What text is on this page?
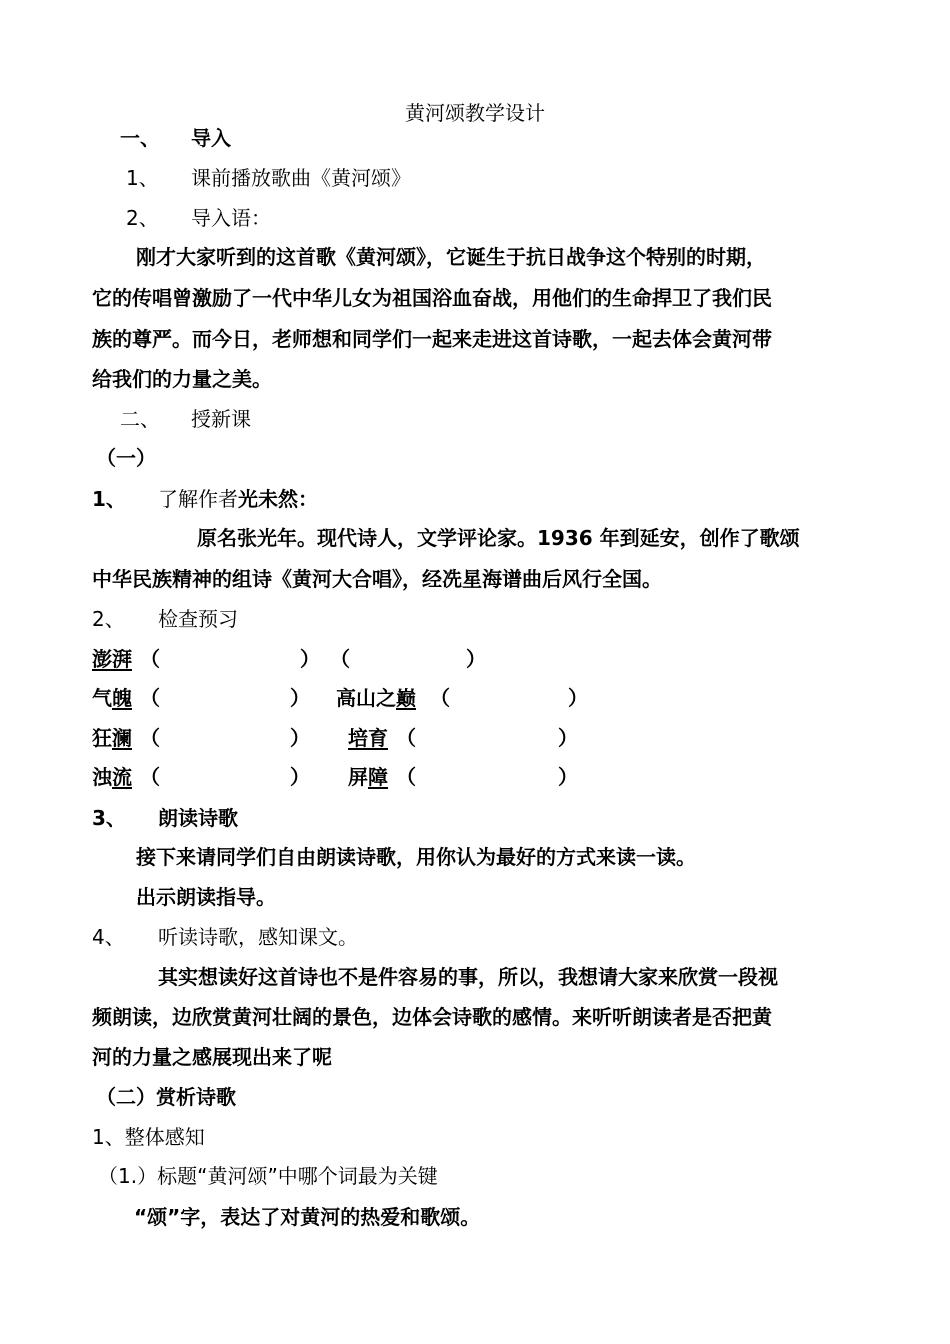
黄河颂教学设计
一、 导入
1、 课前播放歌曲《黄河颂》
2、 导入语：
刚才大家听到的这首歌《黄河颂》，它诞生于抗日战争这个特别的时期，
它的传唱曾激励了一代中华儿女为祖国浴血奋战，用他们的生命捍卫了我们民
族的尊严。而今日，老师想和同学们一起来走进这首诗歌，一起去体会黄河带
给我们的力量之美。
二、 授新课
（一）
1、 了解作者光未然：
原名张光年。现代诗人，文学评论家。1936 年到延安，创作了歌颂
中华民族精神的组诗《黄河大合唱》，经冼星海谱曲后风行全国。
2、 检查预习
澎湃 （	） （	）
气魄 （	） 高山之巅 （	）
狂澜 （	） 培育 （	）
浊流 （	） 屏障 （	）
3、 朗读诗歌
接下来请同学们自由朗读诗歌，用你认为最好的方式来读一读。
出示朗读指导。
4、 听读诗歌，感知课文。
其实想读好这首诗也不是件容易的事，所以，我想请大家来欣赏一段视
频朗读，边欣赏黄河壮阔的景色，边体会诗歌的感情。来听听朗读者是否把黄
河的力量之感展现出来了呢
（二）赏析诗歌
1、整体感知
（1.）标题“黄河颂”中哪个词最为关键
“颂”字，表达了对黄河的热爱和歌颂。
